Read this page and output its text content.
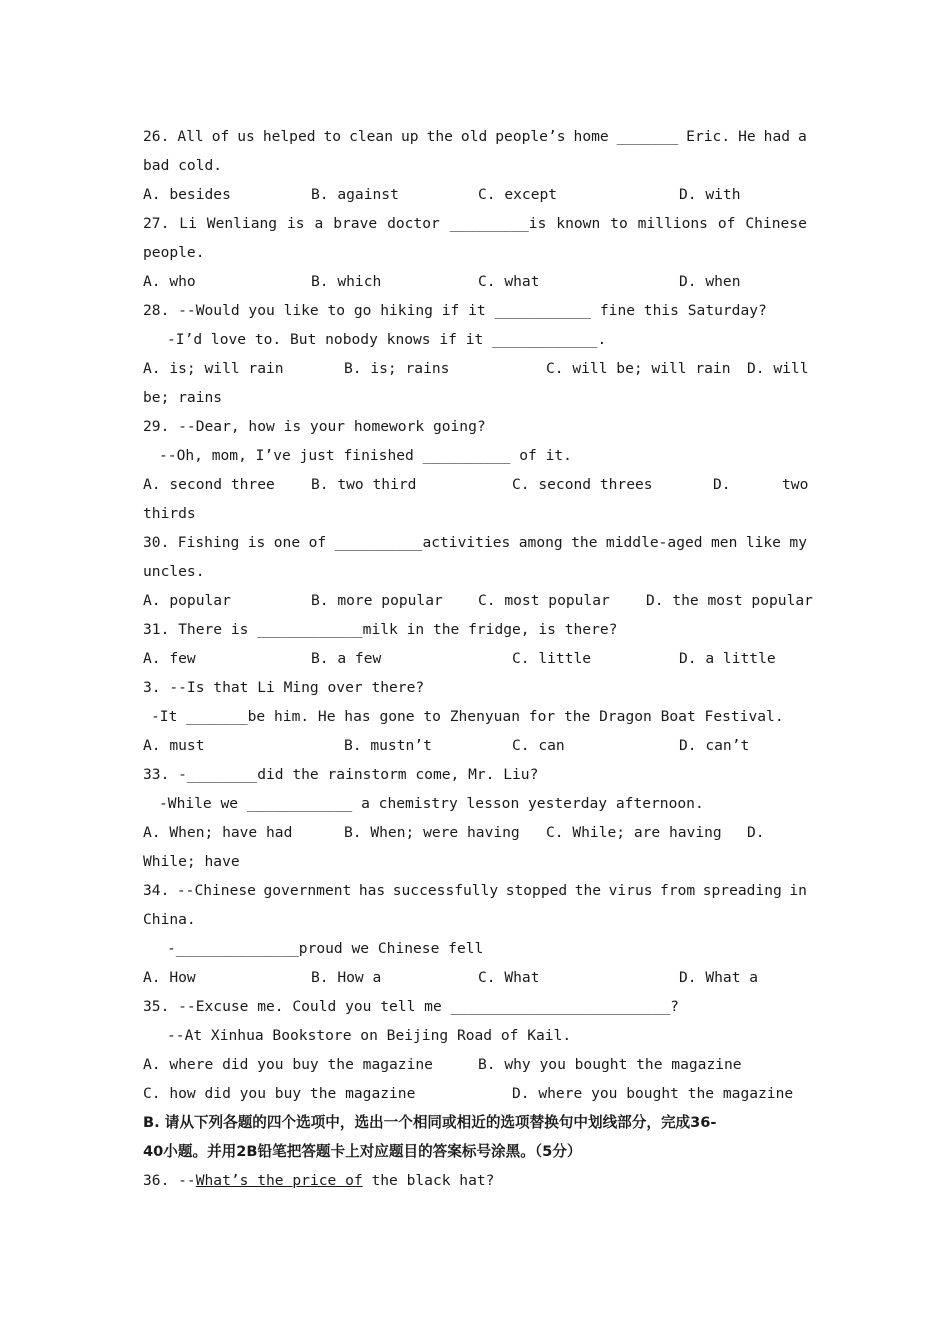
26. All of us helped to clean up the old people’s home _______ Eric. He had a
bad cold.

A. besides

	B. against

	C. except

	D. with

27. Li Wenliang is a brave doctor _________is known to millions of Chinese
people.

A. who

	B. which

	C. what

	D. when

28. --Would you like to go hiking if it ___________ fine this Saturday?
-I’d love to. But nobody knows if it ____________.

A. is; will rain

	B. is; rains

	C. will be; will rain

D. will

be; rains
29. --Dear, how is your homework going?
--Oh, mom, I’ve just finished __________ of it.

A. second three

B. two third

	C. second threes

	D.

	two

thirds
30. Fishing is one of __________activities among the middle-aged men like my
uncles.

A. popular

	B. more popular

C. most popular

D. the most popular

31. There is ____________milk in the fridge, is there?

A. few

	B. a few

	C. little

	D. a little

3. --Is that Li Ming over there?
-It _______be him. He has gone to Zhenyuan for the Dragon Boat Festival.

A. must

	B. mustn’t

	C. can

	D. can’t

33. -________did the rainstorm come, Mr. Liu?
-While we ____________ a chemistry lesson yesterday afternoon.

A. When; have had

	B. When; were having

C. While; are having

D.

While; have
34. --Chinese government has successfully stopped the virus from spreading in
China.
-______________proud we Chinese fell

A. How

	B. How a

	C. What

	D. What a

35. --Excuse me. Could you tell me _________________________?
--At Xinhua Bookstore on Beijing Road of Kail.

A. where did you buy the magazine

	B. why you bought the magazine

C. how did you buy the magazine

	D. where you bought the magazine

B. 请从下列各题的四个选项中，选出一个相同或相近的选项替换句中划线部分，完成36-
40小题。并用2B铅笔把答题卡上对应题目的答案标号涂黑。（5分）
36. --What’s the price of the black hat?
